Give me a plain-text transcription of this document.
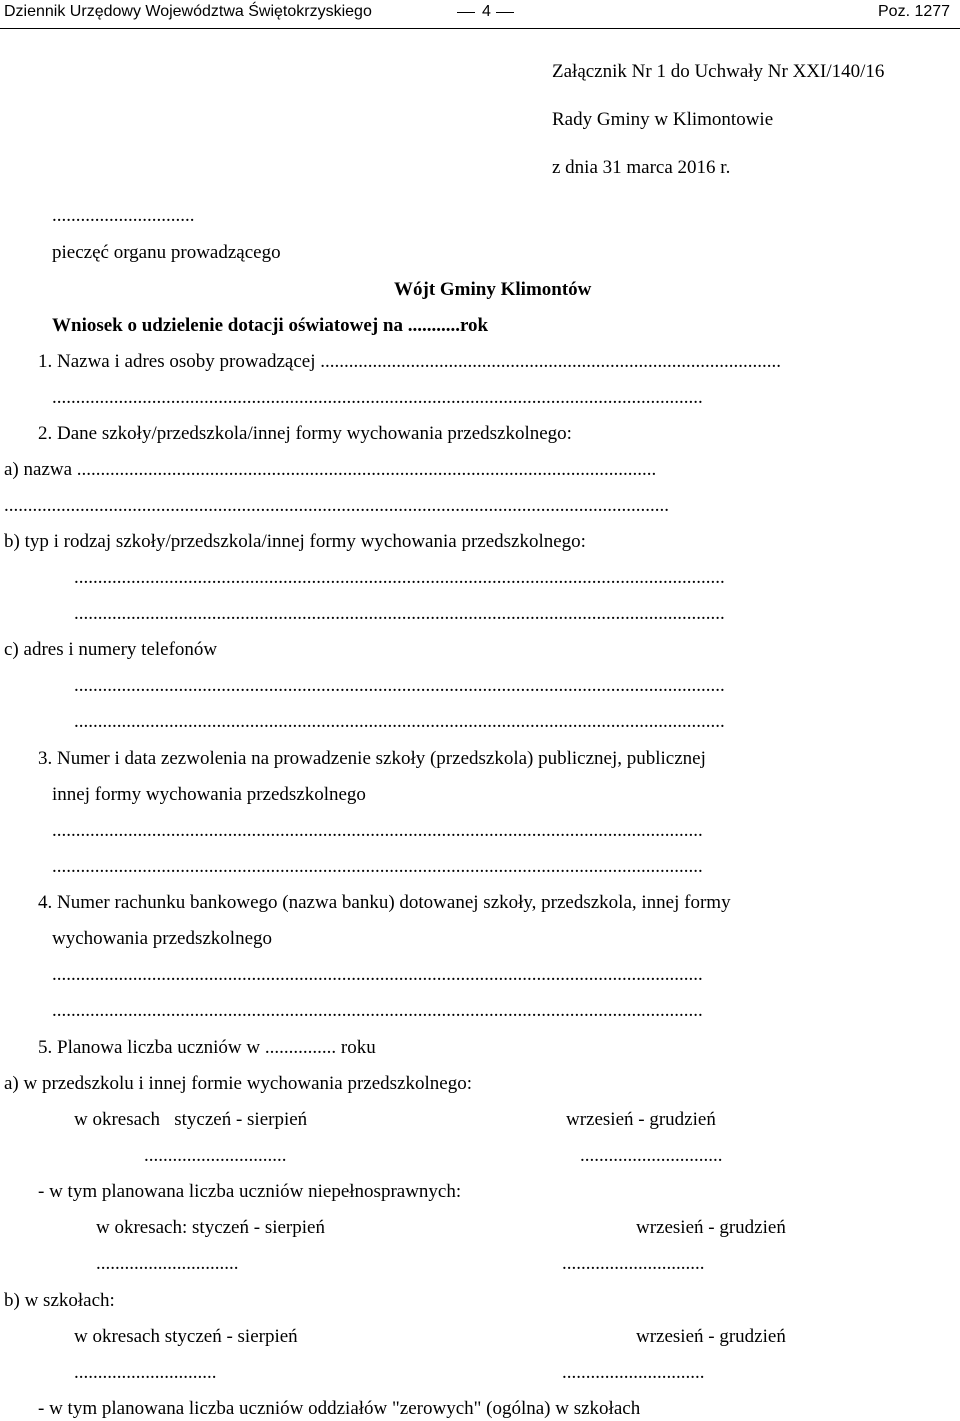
Dziennik Urzędowy Województwa Świętokrzyskiego	4	Poz. 1277
Załącznik Nr 1 do Uchwały Nr XXI/140/16
Rady Gminy w Klimontowie
z dnia 31 marca 2016 r.
..............................
pieczęć organu prowadzącego
Wójt Gminy Klimontów
Wniosek o udzielenie dotacji oświatowej na ...........rok
1. Nazwa i adres osoby prowadzącej .................................................................................................
.........................................................................................................................................
2. Dane szkoły/przedszkola/innej formy wychowania przedszkolnego:
a) nazwa ..........................................................................................................................
............................................................................................................................................
b) typ i rodzaj szkoły/przedszkola/innej formy wychowania przedszkolnego:
.........................................................................................................................................
.........................................................................................................................................
c) adres i numery telefonów
.........................................................................................................................................
.........................................................................................................................................
3. Numer i data zezwolenia na prowadzenie szkoły (przedszkola) publicznej, publicznej
innej formy wychowania przedszkolnego
.........................................................................................................................................
.........................................................................................................................................
4. Numer rachunku bankowego (nazwa banku) dotowanej szkoły, przedszkola, innej formy
wychowania przedszkolnego
.........................................................................................................................................
.........................................................................................................................................
5. Planowa liczba uczniów w ............... roku
a) w przedszkolu i innej formie wychowania przedszkolnego:
w okresach   styczeń - sierpień	wrzesień - grudzień
..............................	..............................
- w tym planowana liczba uczniów niepełnosprawnych:
w okresach: styczeń - sierpień	wrzesień - grudzień
..............................	..............................
b) w szkołach:
w okresach styczeń - sierpień	wrzesień - grudzień
..............................	..............................
- w tym planowana liczba uczniów oddziałów "zerowych" (ogólna) w szkołach
